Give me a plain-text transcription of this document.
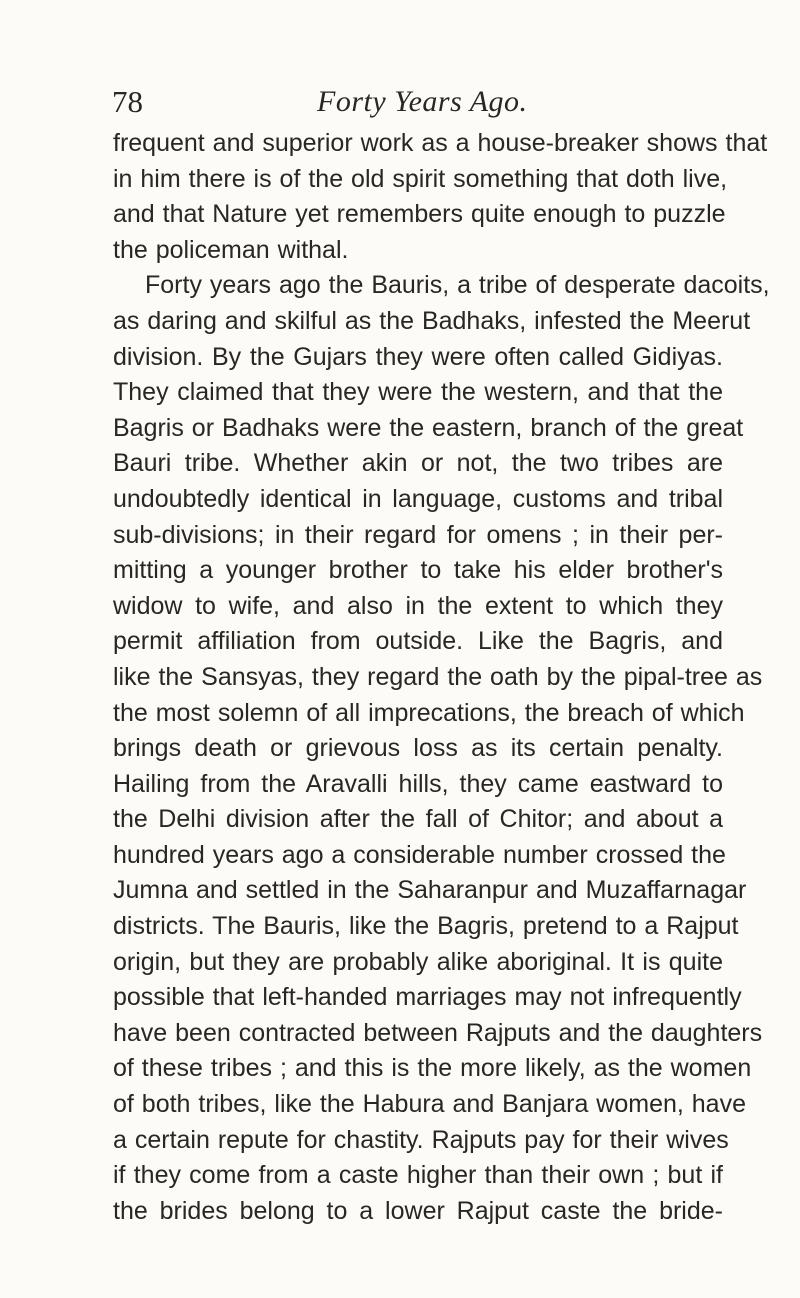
78	Forty Years Ago.
frequent and superior work as a house-breaker shows that
in him there is of the old spirit something that doth live,
and that Nature yet remembers quite enough to puzzle
the policeman withal.
Forty years ago the Bauris, a tribe of desperate dacoits,
as daring and skilful as the Badhaks, infested the Meerut
division. By the Gujars they were often called Gidiyas.
They claimed that they were the western, and that the
Bagris or Badhaks were the eastern, branch of the great
Bauri tribe. Whether akin or not, the two tribes are
undoubtedly identical in language, customs and tribal
sub-divisions; in their regard for omens ; in their per-
mitting a younger brother to take his elder brother's
widow to wife, and also in the extent to which they
permit affiliation from outside. Like the Bagris, and
like the Sansyas, they regard the oath by the pipal-tree as
the most solemn of all imprecations, the breach of which
brings death or grievous loss as its certain penalty.
Hailing from the Aravalli hills, they came eastward to
the Delhi division after the fall of Chitor; and about a
hundred years ago a considerable number crossed the
Jumna and settled in the Saharanpur and Muzaffarnagar
districts. The Bauris, like the Bagris, pretend to a Rajput
origin, but they are probably alike aboriginal. It is quite
possible that left-handed marriages may not infrequently
have been contracted between Rajputs and the daughters
of these tribes ; and this is the more likely, as the women
of both tribes, like the Habura and Banjara women, have
a certain repute for chastity. Rajputs pay for their wives
if they come from a caste higher than their own ; but if
the brides belong to a lower Rajput caste the bride-
